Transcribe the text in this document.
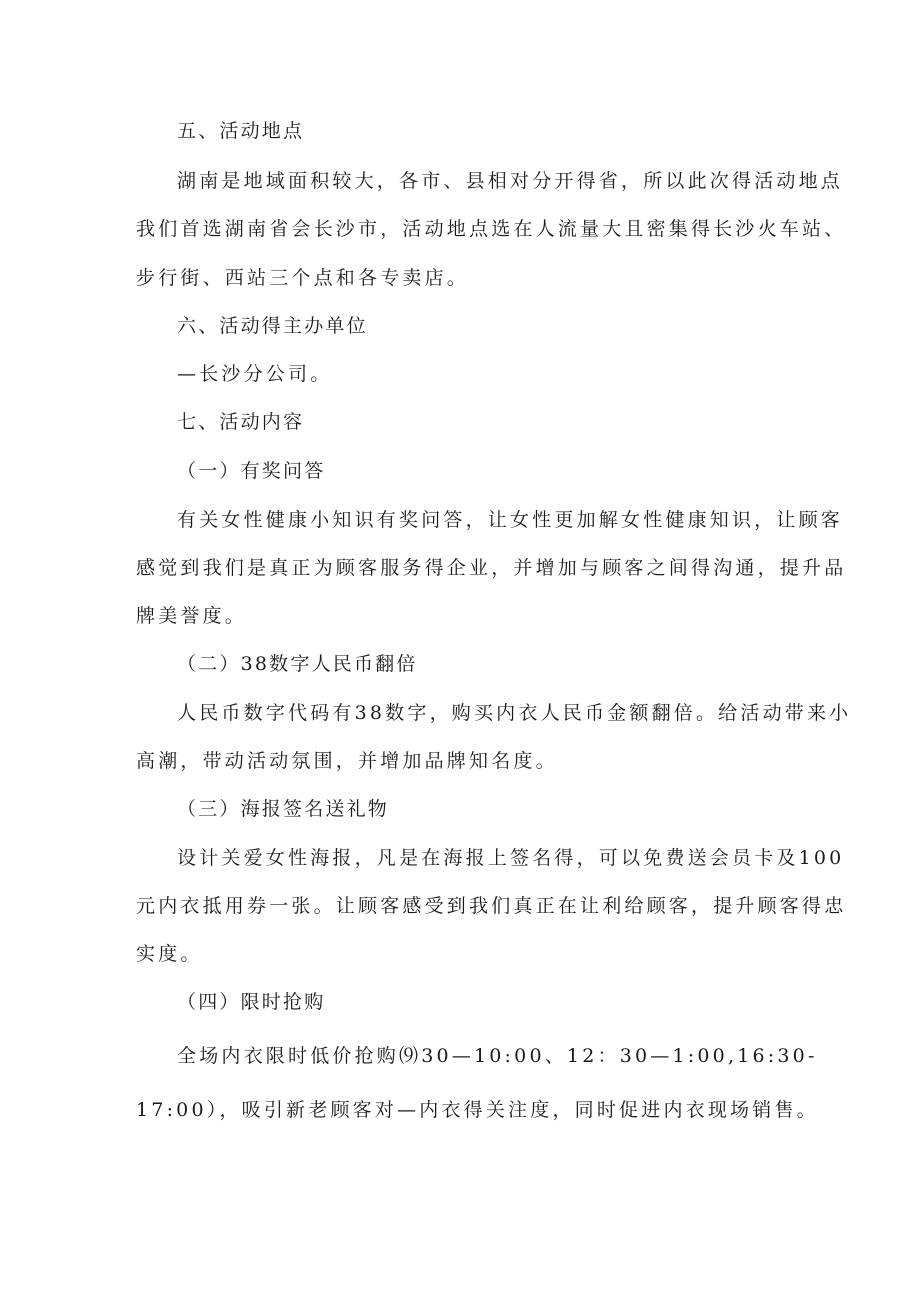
五、活动地点
湖南是地域面积较大，各市、县相对分开得省，所以此次得活动地点
我们首选湖南省会长沙市，活动地点选在人流量大且密集得长沙火车站、
步行街、西站三个点和各专卖店。
六、活动得主办单位
—长沙分公司。
七、活动内容
（一）有奖问答
有关女性健康小知识有奖问答，让女性更加解女性健康知识，让顾客
感觉到我们是真正为顾客服务得企业，并增加与顾客之间得沟通，提升品
牌美誉度。
（二）38数字人民币翻倍
人民币数字代码有38数字，购买内衣人民币金额翻倍。给活动带来小
高潮，带动活动氛围，并增加品牌知名度。
（三）海报签名送礼物
设计关爱女性海报，凡是在海报上签名得，可以免费送会员卡及100
元内衣抵用券一张。让顾客感受到我们真正在让利给顾客，提升顾客得忠
实度。
（四）限时抢购
全场内衣限时低价抢购⑼30—10:00、12：30—1:00,16:30-
17:00），吸引新老顾客对—内衣得关注度，同时促进内衣现场销售。
